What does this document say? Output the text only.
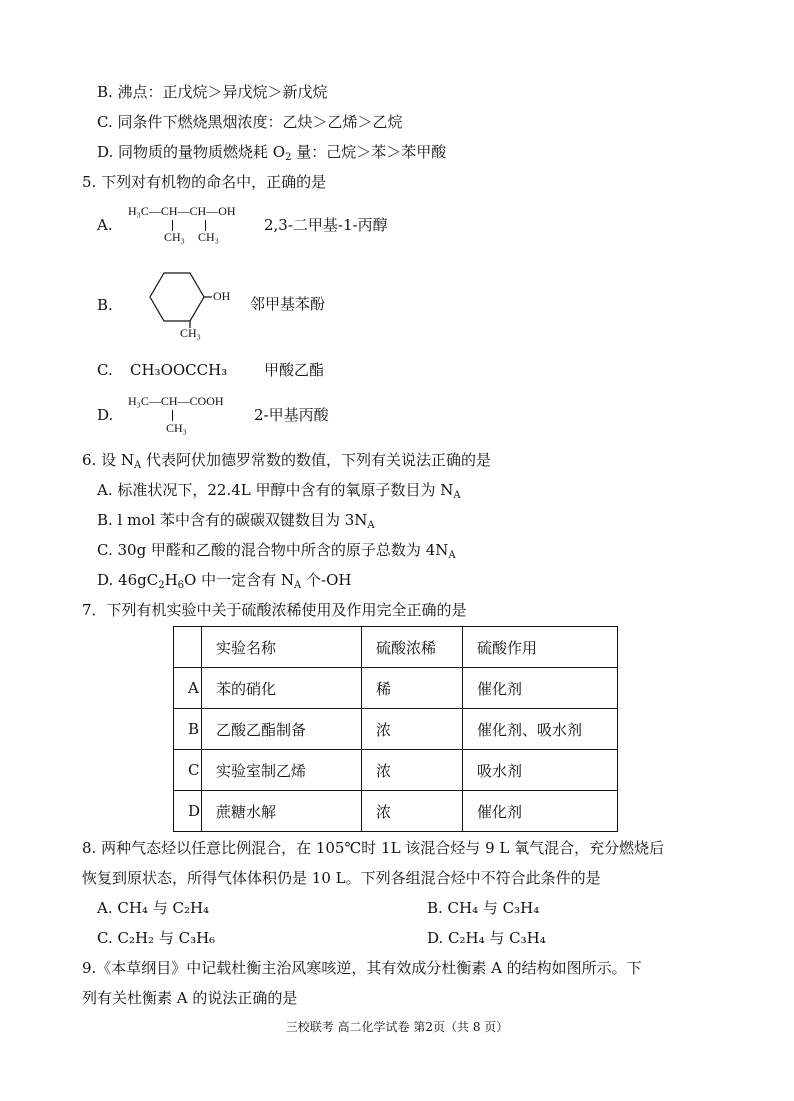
B. 沸点：正戊烷＞异戊烷＞新戊烷
C. 同条件下燃烧黑烟浓度：乙炔＞乙烯＞乙烷
D. 同物质的量物质燃烧耗 $O_2$ 量：己烷＞苯＞苯甲酸
5. 下列对有机物的命名中，正确的是
A.
H₃C—CH—CH—OH
CH₃ CH₃
2,3-二甲基-1-丙醇
B.	OH
CH₃
邻甲基苯酚
C. CH₃OOCCH₃ 甲酸乙酯
D.
H₃C—CH—COOH
CH₃
2-甲基丙酸
6. 设 $N_A$ 代表阿伏加德罗常数的数值，下列有关说法正确的是
A. 标准状况下，22.4L 甲醇中含有的氧原子数目为 $N_A$
B. l mol 苯中含有的碳碳双键数目为 $3N_A$
C. 30g 甲醛和乙酸的混合物中所含的原子总数为 $4N_A$
D. $46gC_2H_6O$ 中一定含有 $N_A$ 个-OH
7．下列有机实验中关于硫酸浓稀使用及作用完全正确的是
	实验名称	硫酸浓稀	硫酸作用
A	苯的硝化	稀	催化剂
B	乙酸乙酯制备	浓	催化剂、吸水剂
C	实验室制乙烯	浓	吸水剂
D	蔗糖水解	浓	催化剂
8. 两种气态烃以任意比例混合，在 105℃时 1L 该混合烃与 9 L 氧气混合，充分燃烧后
恢复到原状态，所得气体体积仍是 10 L。下列各组混合烃中不符合此条件的是
A. CH₄ 与 C₂H₄	B. CH₄ 与 C₃H₄
C. C₂H₂ 与 C₃H₆	D. C₂H₄ 与 C₃H₄
9.《本草纲目》中记载杜衡主治风寒咳逆，其有效成分杜衡素 A 的结构如图所示。下
列有关杜衡素 A 的说法正确的是
三校联考 高二化学试卷 第2页（共 8 页）
